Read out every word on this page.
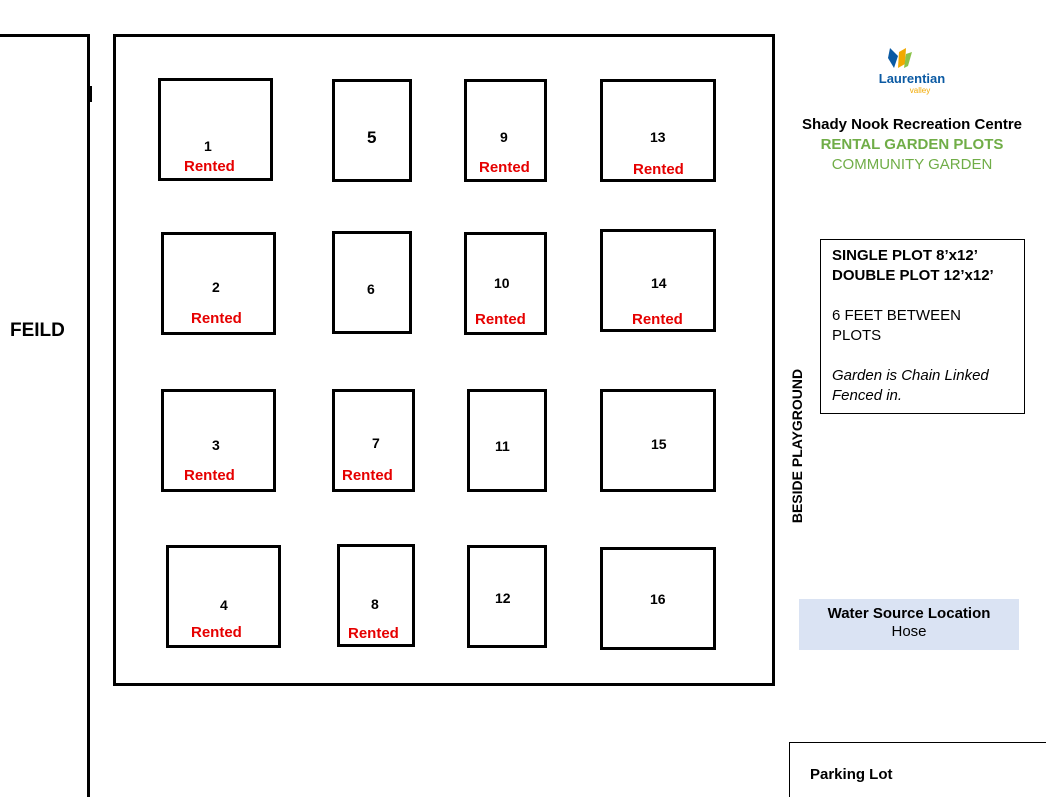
FEILD
1
Rented
2
Rented
3
Rented
4
Rented
5
6
7
Rented
8
Rented
9
Rented
10
Rented
11
12
13
Rented
14
Rented
15
16
Laurentian
valley
Shady Nook Recreation Centre
RENTAL GARDEN PLOTS
COMMUNITY GARDEN
SINGLE PLOT 8’x12’
DOUBLE PLOT 12’x12’
6 FEET BETWEEN
PLOTS
Garden is Chain Linked
Fenced in.
BESIDE PLAYGROUND
Water Source Location
Hose
Parking Lot
